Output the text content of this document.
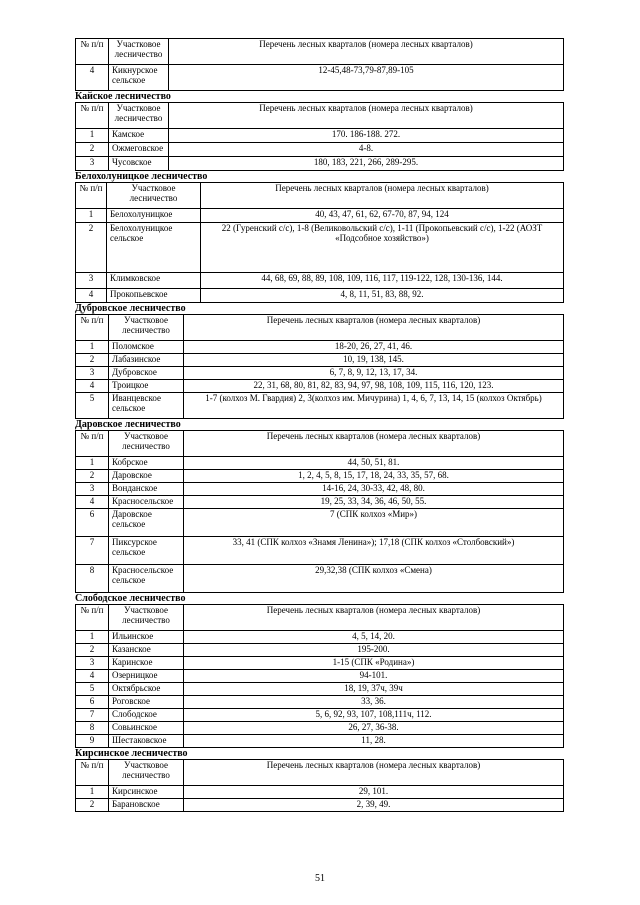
№ п/п	Участковое лесничество	Перечень лесных кварталов (номера лесных кварталов)
4	Кикнурское сельское	12-45,48-73,79-87,89-105
Кайское лесничество
№ п/п	Участковое лесничество	Перечень лесных кварталов (номера лесных кварталов)
1	Камское	170. 186-188. 272.
2	Ожмеговское	4-8.
3	Чусовское	180, 183, 221, 266, 289-295.
Белохолуницкое лесничество
№ п/п	Участковое лесничество	Перечень лесных кварталов (номера лесных кварталов)
1	Белохолуницкое	40, 43, 47, 61, 62, 67-70, 87, 94, 124
2	Белохолуницкое сельское	22 (Гуренский с/с), 1-8 (Великовольский с/с), 1-11 (Прокопьевский с/с), 1-22 (АОЗТ «Подсобное хозяйство»)
3	Климковское	44, 68, 69, 88, 89, 108, 109, 116, 117, 119-122, 128, 130-136, 144.
4	Прокопьевское	4, 8, 11, 51, 83, 88, 92.
Дубровское лесничество
№ п/п	Участковое лесничество	Перечень лесных кварталов (номера лесных кварталов)
1	Поломское	18-20, 26, 27, 41, 46.
2	Лабазинское	10, 19, 138, 145.
3	Дубровское	6, 7, 8, 9, 12, 13, 17, 34.
4	Троицкое	22, 31, 68, 80, 81, 82, 83, 94, 97, 98, 108, 109, 115, 116, 120, 123.
5	Иванцевское сельское	1-7 (колхоз М. Гвардия) 2, 3(колхоз им. Мичурина) 1, 4, 6, 7, 13, 14, 15 (колхоз Октябрь)
Даровское лесничество
№ п/п	Участковое лесничество	Перечень лесных кварталов (номера лесных кварталов)
1	Кобрское	44, 50, 51, 81.
2	Даровское	1, 2, 4, 5, 8, 15, 17, 18, 24, 33, 35, 57, 68.
3	Вонданское	14-16, 24, 30-33, 42, 48, 80.
4	Красносельское	19, 25, 33, 34, 36, 46, 50, 55.
6	Даровское сельское	7 (СПК колхоз «Мир»)
7	Пиксурское сельское	33, 41 (СПК колхоз «Знамя Ленина»); 17,18 (СПК колхоз «Столбовский»)
8	Красносельское сельское	29,32,38 (СПК колхоз «Смена)
Слободское лесничество
№ п/п	Участковое лесничество	Перечень лесных кварталов (номера лесных кварталов)
1	Ильинское	4, 5, 14, 20.
2	Казанское	195-200.
3	Каринское	1-15 (СПК «Родина»)
4	Озерницкое	94-101.
5	Октябрьское	18, 19, 37ч, 39ч
6	Роговское	33, 36.
7	Слободское	5, 6, 92, 93, 107, 108,111ч, 112.
8	Совьинское	26, 27, 36-38.
9	Шестаковское	11, 28.
Кирсинское лесничество
№ п/п	Участковое лесничество	Перечень лесных кварталов (номера лесных кварталов)
1	Кирсинское	29, 101.
2	Барановское	2, 39, 49.
51
